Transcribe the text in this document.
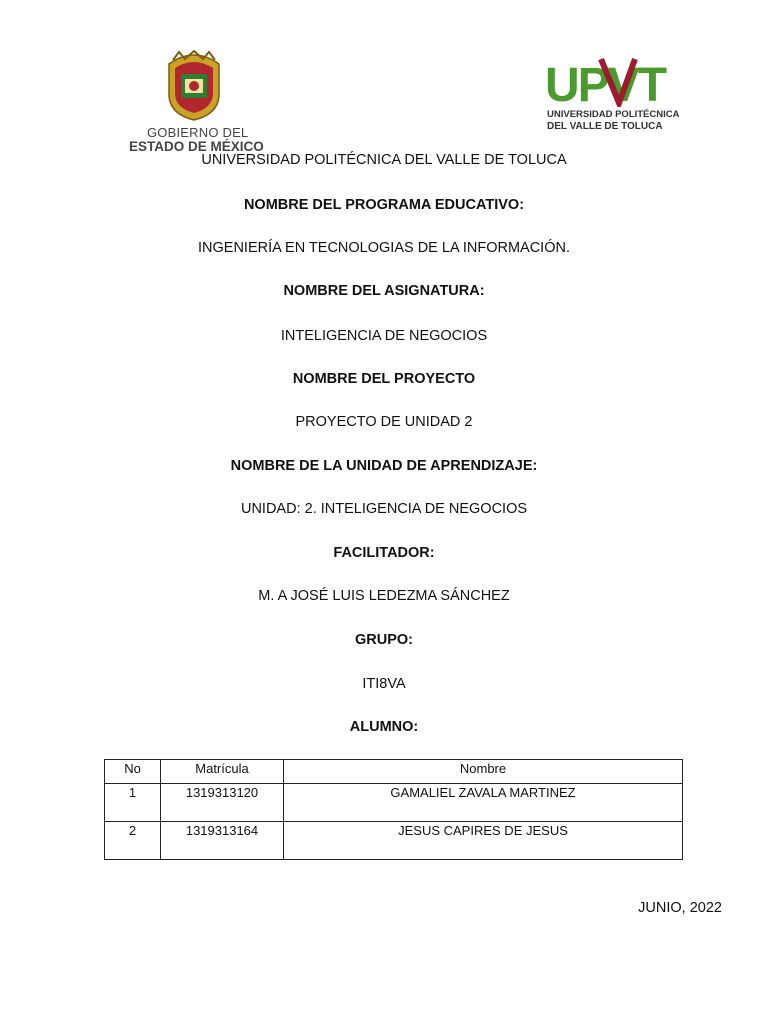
GOBIERNO DEL
ESTADO DE MÉXICO
UPVT
UNIVERSIDAD POLITÉCNICA
DEL VALLE DE TOLUCA
UNIVERSIDAD POLITÉCNICA DEL VALLE DE TOLUCA
NOMBRE DEL PROGRAMA EDUCATIVO:
INGENIERÍA EN TECNOLOGIAS DE LA INFORMACIÓN.
NOMBRE DEL ASIGNATURA:
INTELIGENCIA DE NEGOCIOS
NOMBRE DEL PROYECTO
PROYECTO DE UNIDAD 2
NOMBRE DE LA UNIDAD DE APRENDIZAJE:
UNIDAD: 2. INTELIGENCIA DE NEGOCIOS
FACILITADOR:
M. A JOSÉ LUIS LEDEZMA SÁNCHEZ
GRUPO:
ITI8VA
ALUMNO:
No	Matrícula	Nombre
1	1319313120	GAMALIEL ZAVALA MARTINEZ
2	1319313164	JESUS CAPIRES DE JESUS
JUNIO, 2022
